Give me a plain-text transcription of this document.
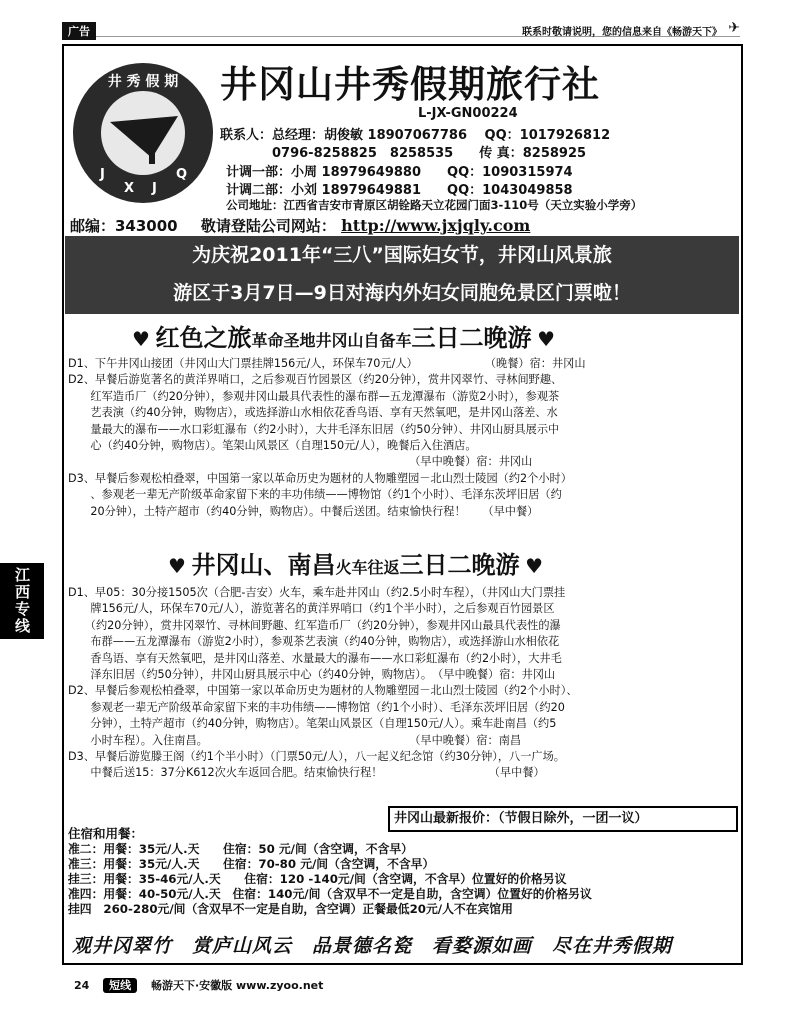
广告	联系时敬请说明，您的信息来自《畅游天下》 ✈
江西专线
井 秀 假 期
J
X J
Q
井冈山井秀假期旅行社
L-JX-GN00224
联系人：总经理：胡俊敏 18907067786　 QQ：1017926812
　　　　0796-8258825　8258535　　传 真：8258925
计调一部：小周 18979649880　　QQ：1090315974
计调二部：小刘 18979649881　　QQ：1043049858
公司地址：江西省吉安市青原区胡铨路天立花园门面3-110号（天立实验小学旁）
邮编：343000 敬请登陆公司网站： http://www.jxjqly.com
为庆祝2011年“三八”国际妇女节，井冈山风景旅
游区于3月7日—9日对海内外妇女同胞免景区门票啦！
♥ 红色之旅革命圣地井冈山自备车三日二晚游 ♥
D1、下午井冈山接团（井冈山大门票挂牌156元/人，环保车70元/人）　　　　　　　（晚餐）宿：井冈山
D2、早餐后游览著名的黄洋界哨口，之后参观百竹园景区（约20分钟），赏井冈翠竹、寻林间野趣、
　　红军造币厂（约20分钟），参观井冈山最具代表性的瀑布群—五龙潭瀑布（游览2小时），参观茶
　　艺表演（约40分钟，购物店），或选择游山水相依花香鸟语、享有天然氧吧，是井冈山落差、水
　　量最大的瀑布——水口彩虹瀑布（约2小时），大井毛泽东旧居（约50分钟）、井冈山厨具展示中
　　心（约40分钟，购物店）。笔架山风景区（自理150元/人），晚餐后入住酒店。
　　　　　　　　　　　　　　　　　　　　　　　　　　　　　　　（早中晚餐）宿：井冈山
D3、早餐后参观松柏叠翠，中国第一家以革命历史为题材的人物雕塑园－北山烈士陵园（约2个小时）
　　、参观老一辈无产阶级革命家留下来的丰功伟绩——博物馆（约1个小时）、毛泽东茨坪旧居（约
　　20分钟），土特产超市（约40分钟，购物店）。中餐后送团。结束愉快行程！　　（早中餐）
♥ 井冈山、南昌火车往返三日二晚游 ♥
D1、早05：30分接1505次（合肥-吉安）火车，乘车赴井冈山（约2.5小时车程），（井冈山大门票挂
　　牌156元/人，环保车70元/人），游览著名的黄洋界哨口（约1个半小时），之后参观百竹园景区
　　（约20分钟），赏井冈翠竹、寻林间野趣、红军造币厂（约20分钟），参观井冈山最具代表性的瀑
　　布群——五龙潭瀑布（游览2小时），参观茶艺表演（约40分钟，购物店），或选择游山水相依花
　　香鸟语、享有天然氧吧，是井冈山落差、水量最大的瀑布——水口彩虹瀑布（约2小时），大井毛
　　泽东旧居（约50分钟），井冈山厨具展示中心（约40分钟，购物店）。　（早中晚餐）宿：井冈山
D2、早餐后参观松柏叠翠，中国第一家以革命历史为题材的人物雕塑园－北山烈士陵园（约2个小时）、
　　参观老一辈无产阶级革命家留下来的丰功伟绩——博物馆（约1个小时）、毛泽东茨坪旧居（约20
　　分钟），土特产超市（约40分钟，购物店）。笔架山风景区（自理150元/人）。乘车赴南昌（约5
　　小时车程）。入住南昌。　　　　　　　　　　　　　　　　　　　（早中晚餐）宿：南昌
D3、早餐后游览滕王阁（约1个半小时）（门票50元/人），八一起义纪念馆（约30分钟），八一广场。
　　中餐后送15：37分K612次火车返回合肥。结束愉快行程！　　　　　　　　　　（早中餐）
井冈山最新报价：（节假日除外，一团一议）
住宿和用餐：
准二：用餐：35元/人.天　　住宿：50 元/间（含空调，不含早）
准三：用餐：35元/人.天　　住宿：70-80 元/间（含空调，不含早）
挂三：用餐：35-46元/人.天　　住宿：120 -140元/间（含空调，不含早）位置好的价格另议
准四：用餐：40-50元/人.天　住宿：140元/间（含双早不一定是自助，含空调）位置好的价格另议
挂四　260-280元/间（含双早不一定是自助，含空调）正餐最低20元/人不在宾馆用
观井冈翠竹　赏庐山风云　品景德名瓷　看婺源如画　尽在井秀假期
24 短线 畅游天下·安徽版 www.zyoo.net
